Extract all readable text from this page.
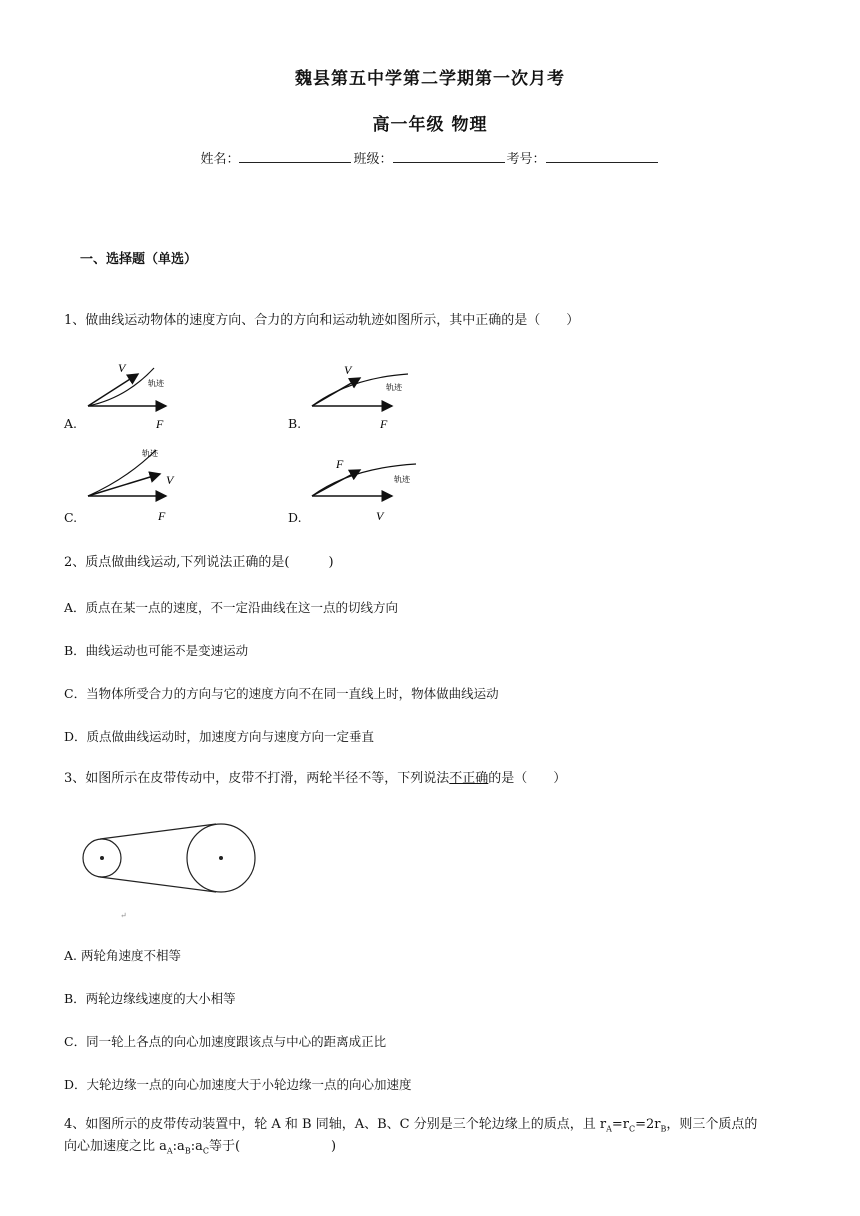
魏县第五中学第二学期第一次月考
高一年级 物理
姓名：	班级：	考号：
一、选择题（单选）
1、做曲线运动物体的速度方向、合力的方向和运动轨迹如图所示，其中正确的是（　　）
A.	B.
C.	D.
V
轨迹
F
V
轨迹
F
轨迹
V
F
F
轨迹
V
2、质点做曲线运动,下列说法正确的是(　　　)
A．质点在某一点的速度，不一定沿曲线在这一点的切线方向
B．曲线运动也可能不是变速运动
C．当物体所受合力的方向与它的速度方向不在同一直线上时，物体做曲线运动
D．质点做曲线运动时，加速度方向与速度方向一定垂直
3、如图所示在皮带传动中，皮带不打滑，两轮半径不等，下列说法不正确的是（　　）
↵
A. 两轮角速度不相等
B．两轮边缘线速度的大小相等
C．同一轮上各点的向心加速度跟该点与中心的距离成正比
D．大轮边缘一点的向心加速度大于小轮边缘一点的向心加速度
4、如图所示的皮带传动装置中，轮 A 和 B 同轴，A、B、C 分别是三个轮边缘上的质点，且 $r_A=r_C=2r_B$，则三个质点的
向心加速度之比 $a_A:a_B:a_C$等于(　　　　　　　)
